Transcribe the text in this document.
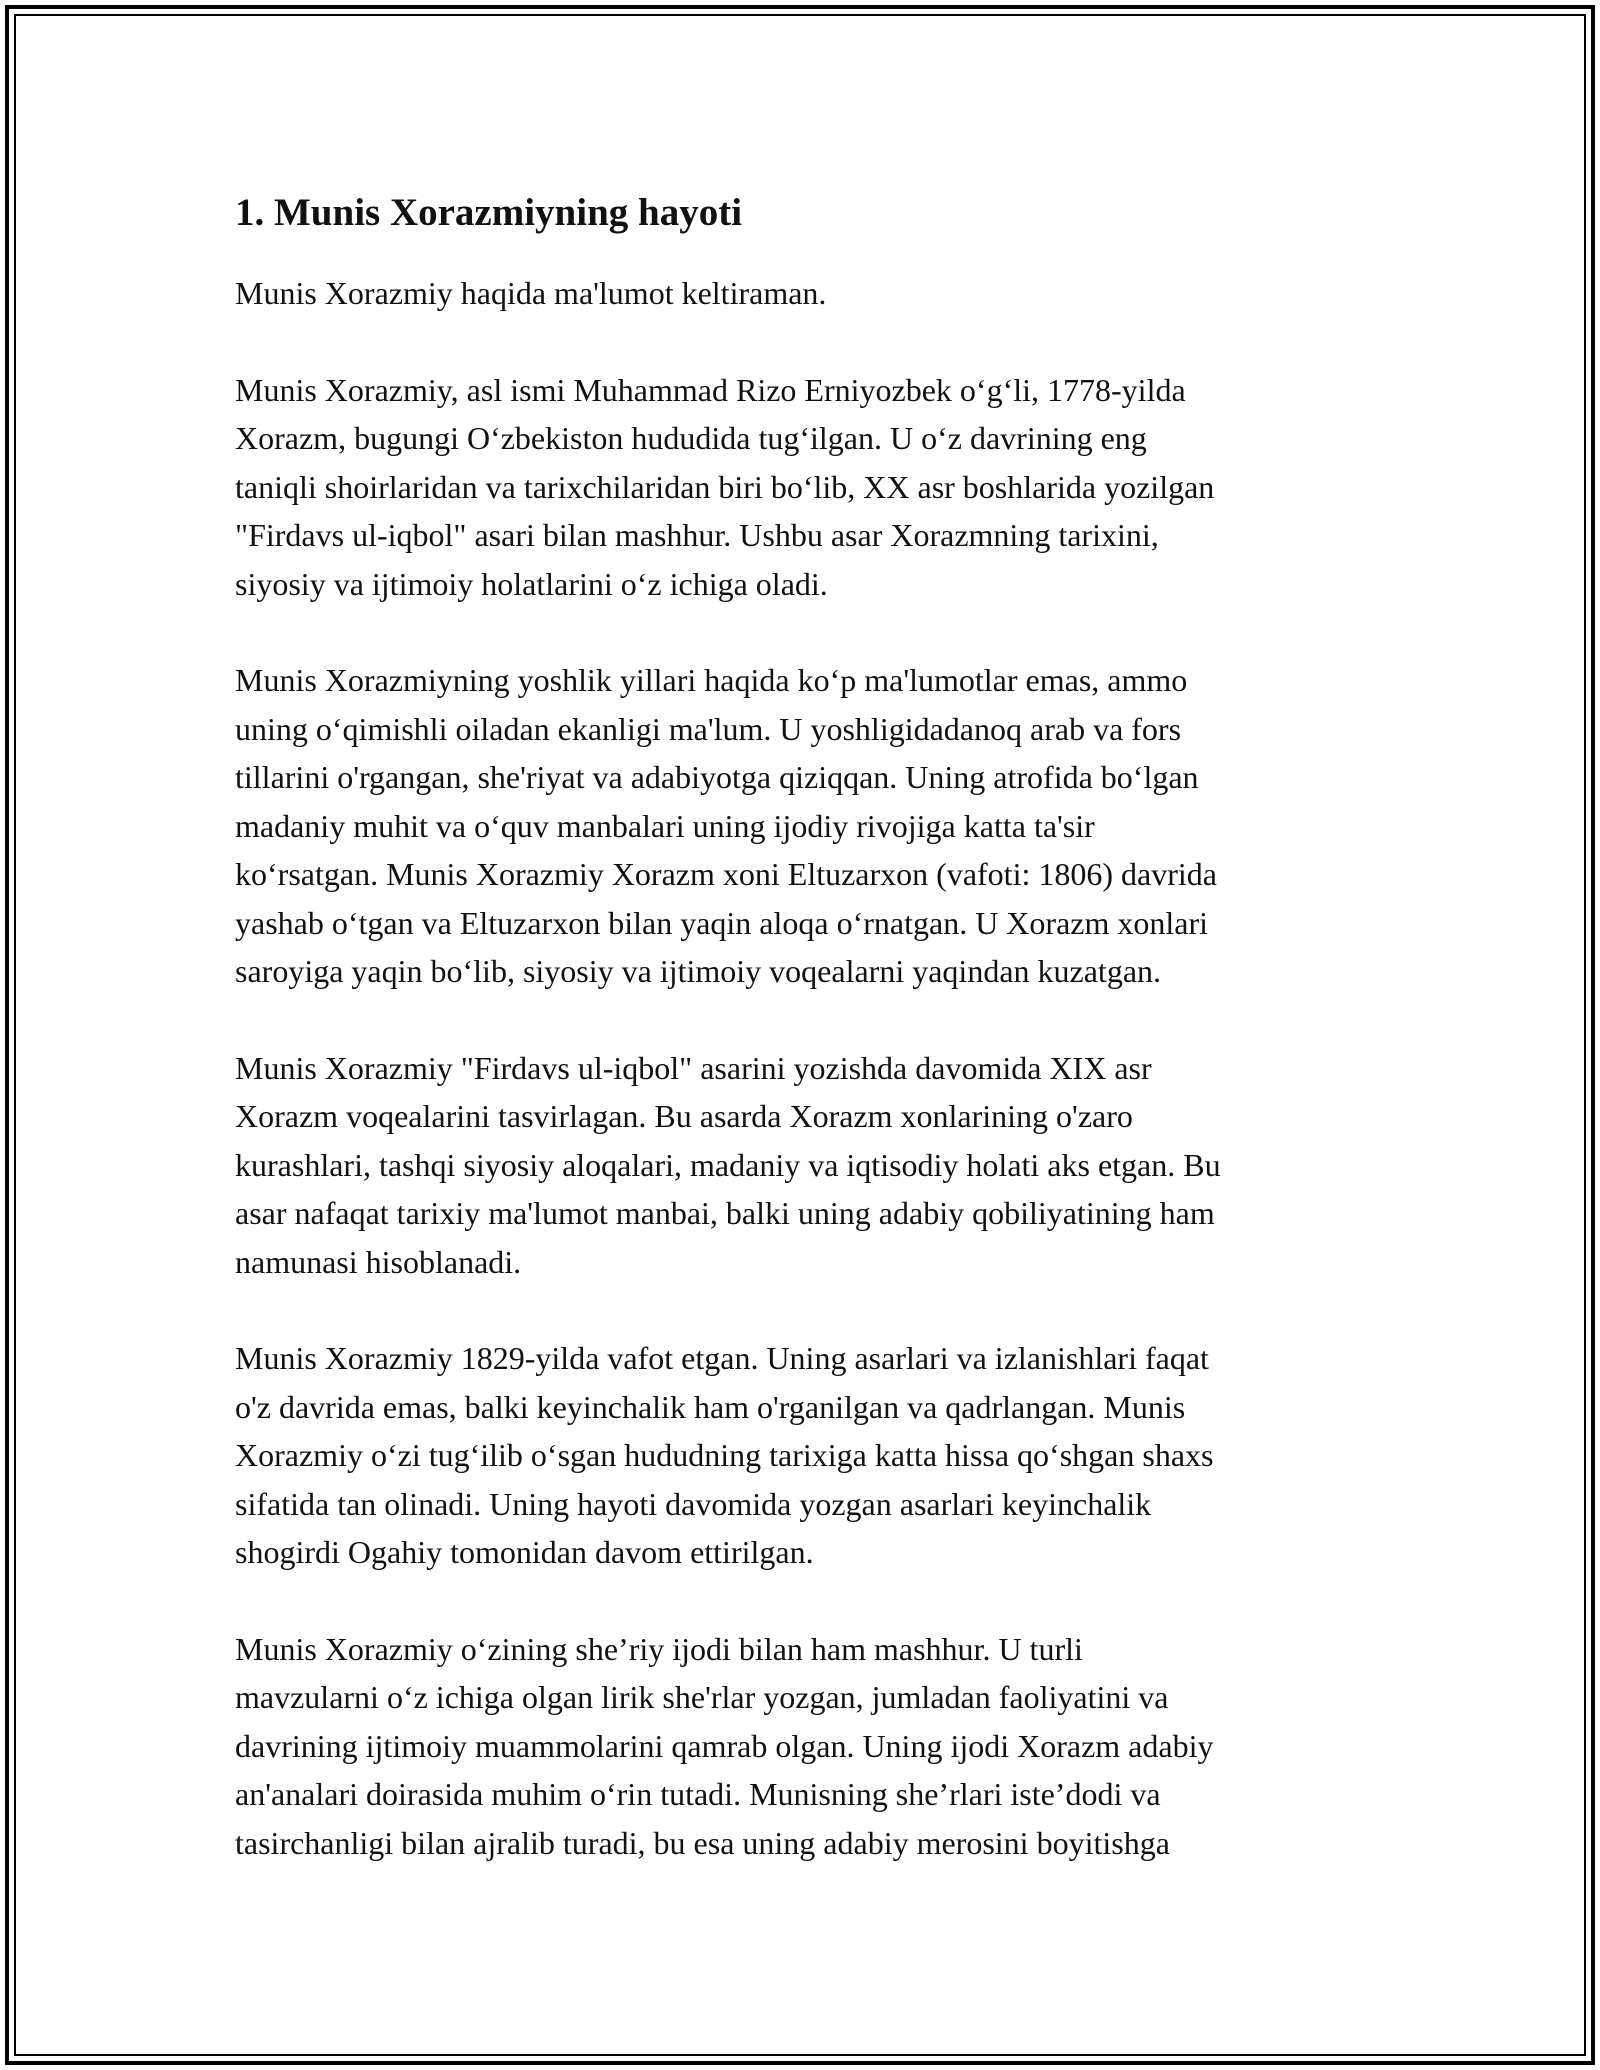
1. Munis Xorazmiyning hayoti

Munis Xorazmiy haqida ma'lumot keltiraman.

Munis Xorazmiy, asl ismi Muhammad Rizo Erniyozbek o‘g‘li, 1778-yilda
Xorazm, bugungi O‘zbekiston hududida tug‘ilgan. U o‘z davrining eng
taniqli shoirlaridan va tarixchilaridan biri bo‘lib, XX asr boshlarida yozilgan
"Firdavs ul-iqbol" asari bilan mashhur. Ushbu asar Xorazmning tarixini,
siyosiy va ijtimoiy holatlarini o‘z ichiga oladi.

Munis Xorazmiyning yoshlik yillari haqida ko‘p ma'lumotlar emas, ammo
uning o‘qimishli oiladan ekanligi ma'lum. U yoshligidadanoq arab va fors
tillarini o'rgangan, she'riyat va adabiyotga qiziqqan. Uning atrofida bo‘lgan
madaniy muhit va o‘quv manbalari uning ijodiy rivojiga katta ta'sir
ko‘rsatgan. Munis Xorazmiy Xorazm xoni Eltuzarxon (vafoti: 1806) davrida
yashab o‘tgan va Eltuzarxon bilan yaqin aloqa o‘rnatgan. U Xorazm xonlari
saroyiga yaqin bo‘lib, siyosiy va ijtimoiy voqealarni yaqindan kuzatgan.

Munis Xorazmiy "Firdavs ul-iqbol" asarini yozishda davomida XIX asr
Xorazm voqealarini tasvirlagan. Bu asarda Xorazm xonlarining o'zaro
kurashlari, tashqi siyosiy aloqalari, madaniy va iqtisodiy holati aks etgan. Bu
asar nafaqat tarixiy ma'lumot manbai, balki uning adabiy qobiliyatining ham
namunasi hisoblanadi.

Munis Xorazmiy 1829-yilda vafot etgan. Uning asarlari va izlanishlari faqat
o'z davrida emas, balki keyinchalik ham o'rganilgan va qadrlangan. Munis
Xorazmiy o‘zi tug‘ilib o‘sgan hududning tarixiga katta hissa qo‘shgan shaxs
sifatida tan olinadi. Uning hayoti davomida yozgan asarlari keyinchalik
shogirdi Ogahiy tomonidan davom ettirilgan.

Munis Xorazmiy o‘zining she’riy ijodi bilan ham mashhur. U turli
mavzularni o‘z ichiga olgan lirik she'rlar yozgan, jumladan faoliyatini va
davrining ijtimoiy muammolarini qamrab olgan. Uning ijodi Xorazm adabiy
an'analari doirasida muhim o‘rin tutadi. Munisning she’rlari iste’dodi va
tasirchanligi bilan ajralib turadi, bu esa uning adabiy merosini boyitishga
